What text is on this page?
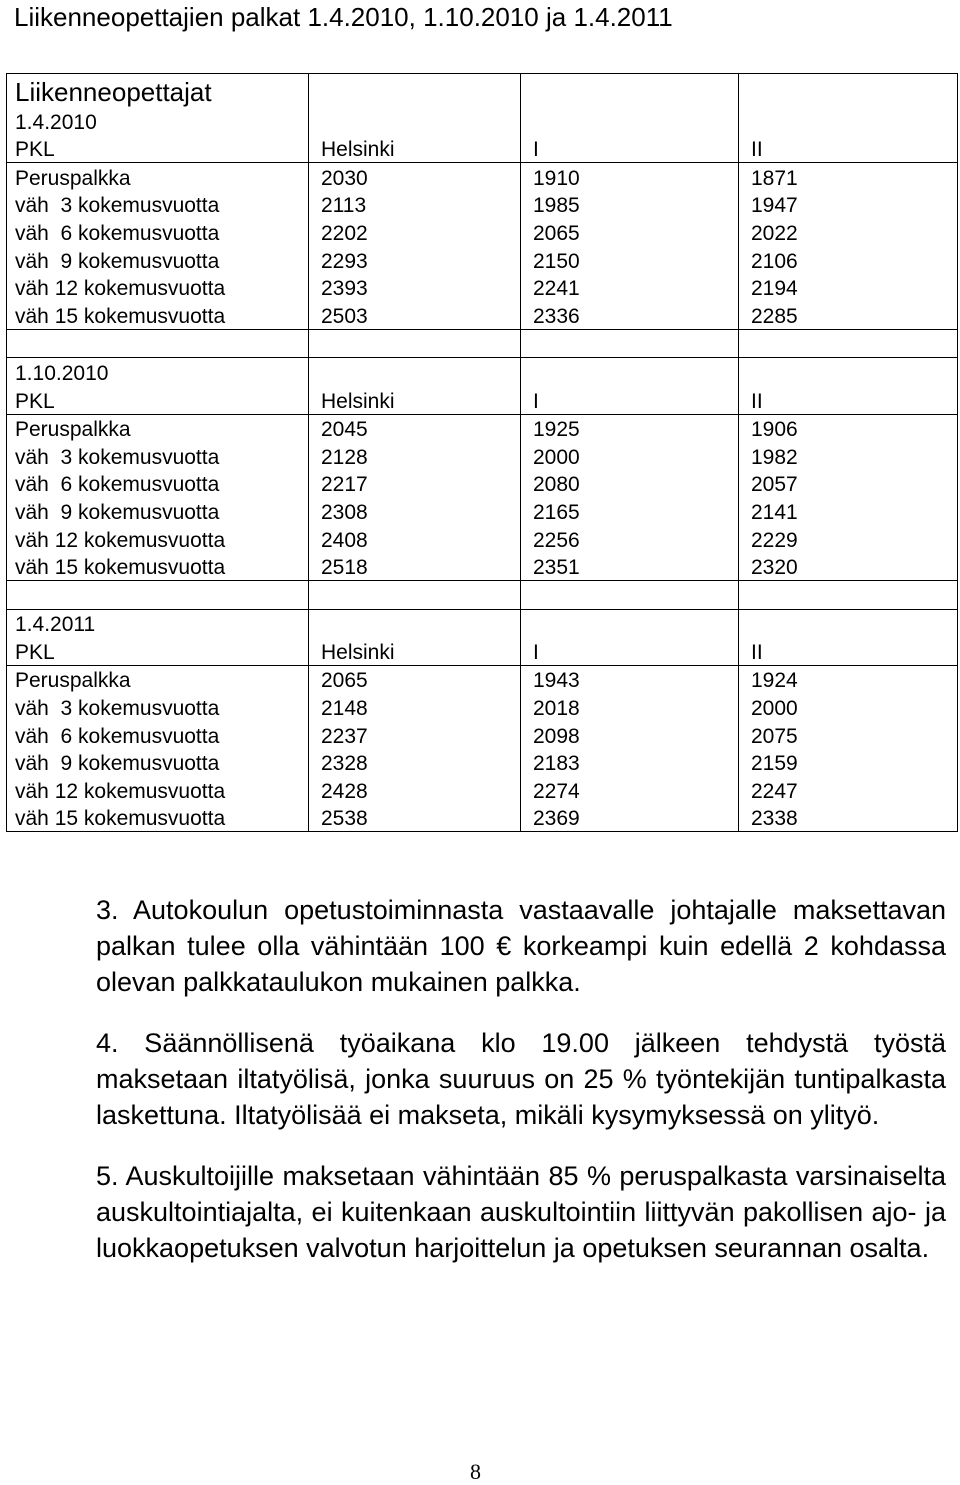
Liikenneopettajien palkat 1.4.2010, 1.10.2010 ja 1.4.2011
Liikenneopettajat			
1.4.2010			
PKL	Helsinki	I	II
Peruspalkka	2030	1910	1871
väh  3 kokemusvuotta	2113	1985	1947
väh  6 kokemusvuotta	2202	2065	2022
väh  9 kokemusvuotta	2293	2150	2106
väh 12 kokemusvuotta	2393	2241	2194
väh 15 kokemusvuotta	2503	2336	2285

1.10.2010			
PKL	Helsinki	I	II
Peruspalkka	2045	1925	1906
väh  3 kokemusvuotta	2128	2000	1982
väh  6 kokemusvuotta	2217	2080	2057
väh  9 kokemusvuotta	2308	2165	2141
väh 12 kokemusvuotta	2408	2256	2229
väh 15 kokemusvuotta	2518	2351	2320

1.4.2011			
PKL	Helsinki	I	II
Peruspalkka	2065	1943	1924
väh  3 kokemusvuotta	2148	2018	2000
väh  6 kokemusvuotta	2237	2098	2075
väh  9 kokemusvuotta	2328	2183	2159
väh 12 kokemusvuotta	2428	2274	2247
väh 15 kokemusvuotta	2538	2369	2338

3. Autokoulun opetustoiminnasta vastaavalle johtajalle maksettavan palkan tulee olla vähintään 100 € korkeampi kuin edellä 2 kohdassa olevan palkkataulukon mukainen palkka.

4. Säännöllisenä työaikana klo 19.00 jälkeen tehdystä työstä maksetaan iltatyölisä, jonka suuruus on 25 % työntekijän tuntipalkasta laskettuna. Iltatyölisää ei makseta, mikäli kysymyksessä on ylityö.

5. Auskultoijille maksetaan vähintään 85 % peruspalkasta varsinaiselta auskultointiajalta, ei kuitenkaan auskultointiin liittyvän pakollisen ajo- ja luokkaopetuksen valvotun harjoittelun ja opetuksen seurannan osalta.

8
